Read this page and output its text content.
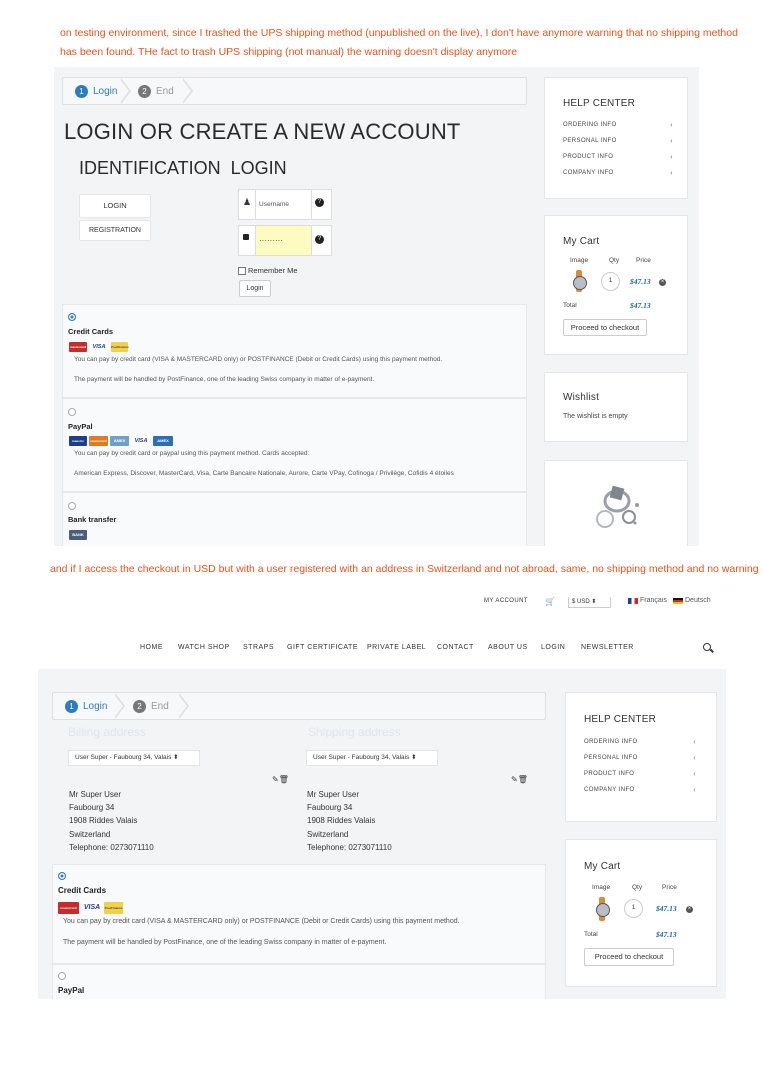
on testing environment, since I trashed the UPS shipping method (unpublished on the live), I don't have anymore warning that no shipping method has been found. THe fact to trash UPS shipping (not manual) the warning doesn't display anymore
1 Login	2 End
LOGIN OR CREATE A NEW ACCOUNT
IDENTIFICATION  LOGIN
LOGIN
REGISTRATION
♟	Username	?
·········	?
Remember Me
Login
Credit Cards
mastercard	VISA	PostFinance
You can pay by credit card (VISA & MASTERCARD only) or POSTFINANCE (Debit or Credit Cards) using this payment method.
The payment will be handled by PostFinance, one of the leading Swiss company in matter of e-payment.
PayPal
maestro	mastercard	AMEX	VISA	AMEX
You can pay by credit card or paypal using this payment method. Cards accepted:
American Express, Discover, MasterCard, Visa, Carte Bancaire Nationale, Aurore, Carte VPay, Cofinoga / Privilège, Cofidis 4 étoiles
Bank transfer
BANK
HELP CENTER
ORDERING INFO	‹
PERSONAL INFO	‹
PRODUCT INFO	‹
COMPANY INFO	‹
My Cart
Image	Qty	Price
1	$47.13 ×
Total	$47.13
Proceed to checkout
Wishlist
The wishlist is empty
and if I access the checkout in USD but with a user registered with an address in Switzerland and not abroad, same, no shipping method and no warning
MY ACCOUNT 🛒	$ USD ⬍	Français	Deutsch
HOME WATCH SHOP STRAPS GIFT CERTIFICATE PRIVATE LABEL CONTACT ABOUT US LOGIN NEWSLETTER
1 Login	2 End
Billing address	Shipping address
User Super - Faubourg 34, Valais ⬍	User Super - Faubourg 34, Valais ⬍
✎🗑	✎🗑
Mr Super User
Faubourg 34
1908 Riddes Valais
Switzerland
Telephone: 0273071110
Mr Super User
Faubourg 34
1908 Riddes Valais
Switzerland
Telephone: 0273071110
Credit Cards
mastercard	VISA	PostFinance
You can pay by credit card (VISA & MASTERCARD only) or POSTFINANCE (Debit or Credit Cards) using this payment method.
The payment will be handled by PostFinance, one of the leading Swiss company in matter of e-payment.
PayPal
HELP CENTER
ORDERING INFO	‹
PERSONAL INFO	‹
PRODUCT INFO	‹
COMPANY INFO	‹
My Cart
Image	Qty	Price
1	$47.13 ×
Total	$47.13
Proceed to checkout
